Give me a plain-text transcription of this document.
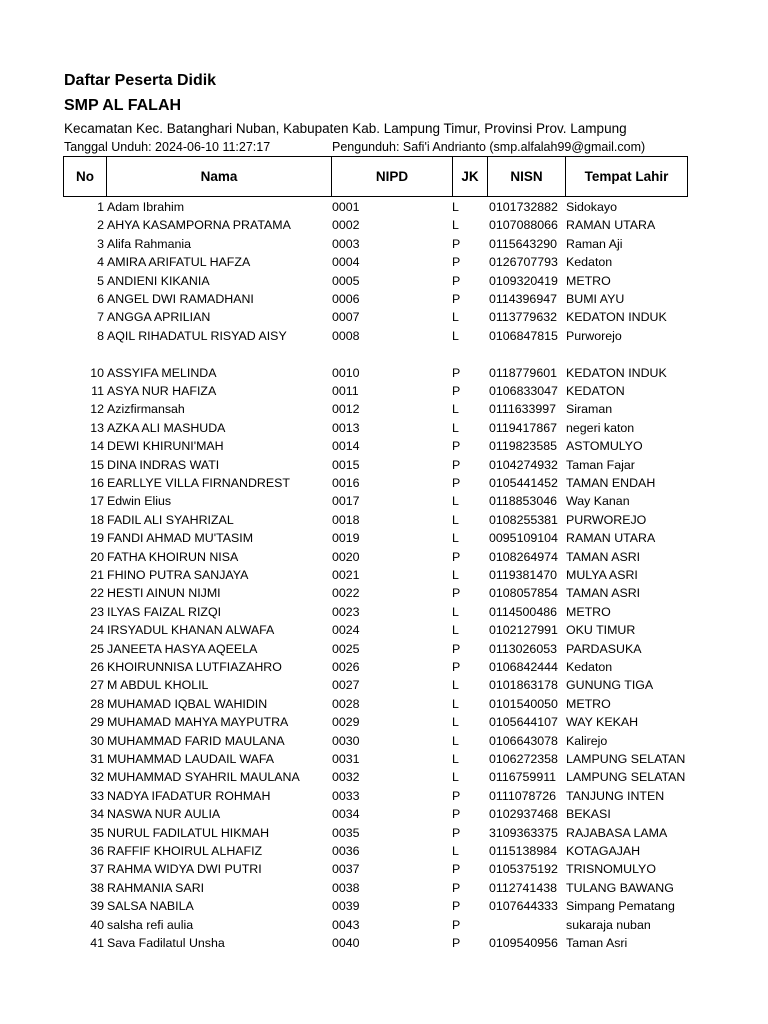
Daftar Peserta Didik
SMP AL FALAH
Kecamatan Kec. Batanghari Nuban, Kabupaten Kab. Lampung Timur, Provinsi Prov. Lampung
Tanggal Unduh: 2024-06-10 11:27:17	Pengunduh: Safi'i Andrianto (smp.alfalah99@gmail.com)
No	Nama	NIPD	JK	NISN	Tempat Lahir
1 Adam Ibrahim	0001	L 0101732882 Sidokayo
2 AHYA KASAMPORNA PRATAMA	0002	L 0107088066 RAMAN UTARA
3 Alifa Rahmania	0003	P 0115643290 Raman Aji
4 AMIRA ARIFATUL HAFZA	0004	P 0126707793 Kedaton
5 ANDIENI KIKANIA	0005	P 0109320419 METRO
6 ANGEL DWI RAMADHANI	0006	P 0114396947 BUMI AYU
7 ANGGA APRILIAN	0007	L 0113779632 KEDATON INDUK
8 AQIL RIHADATUL RISYAD AISY	0008	L 0106847815 Purworejo
10 ASSYIFA MELINDA	0010	P 0118779601 KEDATON INDUK
11 ASYA NUR HAFIZA	0011	P 0106833047 KEDATON
12 Azizfirmansah	0012	L 0111633997 Siraman
13 AZKA ALI MASHUDA	0013	L 0119417867 negeri katon
14 DEWI KHIRUNI'MAH	0014	P 0119823585 ASTOMULYO
15 DINA INDRAS WATI	0015	P 0104274932 Taman Fajar
16 EARLLYE VILLA FIRNANDREST	0016	P 0105441452 TAMAN ENDAH
17 Edwin Elius	0017	L 0118853046 Way Kanan
18 FADIL ALI SYAHRIZAL	0018	L 0108255381 PURWOREJO
19 FANDI AHMAD MU'TASIM	0019	L 0095109104 RAMAN UTARA
20 FATHA KHOIRUN NISA	0020	P 0108264974 TAMAN ASRI
21 FHINO PUTRA SANJAYA	0021	L 0119381470 MULYA ASRI
22 HESTI AINUN NIJMI	0022	P 0108057854 TAMAN ASRI
23 ILYAS FAIZAL RIZQI	0023	L 0114500486 METRO
24 IRSYADUL KHANAN ALWAFA	0024	L 0102127991 OKU TIMUR
25 JANEETA HASYA AQEELA	0025	P 0113026053 PARDASUKA
26 KHOIRUNNISA LUTFIAZAHRO	0026	P 0106842444 Kedaton
27 M ABDUL KHOLIL	0027	L 0101863178 GUNUNG TIGA
28 MUHAMAD IQBAL WAHIDIN	0028	L 0101540050 METRO
29 MUHAMAD MAHYA MAYPUTRA	0029	L 0105644107 WAY KEKAH
30 MUHAMMAD FARID MAULANA	0030	L 0106643078 Kalirejo
31 MUHAMMAD LAUDAIL WAFA	0031	L 0106272358 LAMPUNG SELATAN
32 MUHAMMAD SYAHRIL MAULANA	0032	L 0116759911 LAMPUNG SELATAN
33 NADYA IFADATUR ROHMAH	0033	P 0111078726 TANJUNG INTEN
34 NASWA NUR AULIA	0034	P 0102937468 BEKASI
35 NURUL FADILATUL HIKMAH	0035	P 3109363375 RAJABASA LAMA
36 RAFFIF KHOIRUL ALHAFIZ	0036	L 0115138984 KOTAGAJAH
37 RAHMA WIDYA DWI PUTRI	0037	P 0105375192 TRISNOMULYO
38 RAHMANIA SARI	0038	P 0112741438 TULANG BAWANG
39 SALSA NABILA	0039	P 0107644333 Simpang Pematang
40 salsha refi aulia	0043	P	sukaraja nuban
41 Sava Fadilatul Unsha	0040	P 0109540956 Taman Asri
